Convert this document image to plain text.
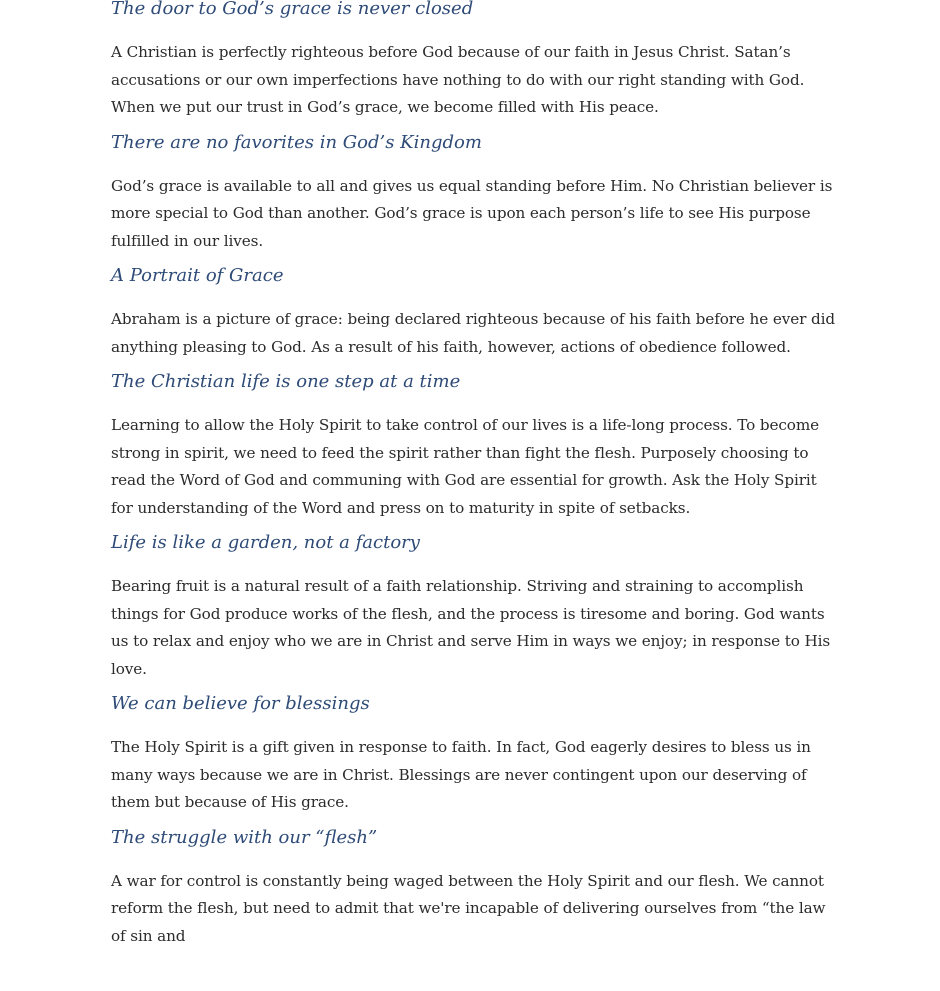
The door to God’s grace is never closed

A Christian is perfectly righteous before God because of our faith in Jesus Christ. Satan’s accusations or our own imperfections have nothing to do with our right standing with God. When we put our trust in God’s grace, we become filled with His peace.

There are no favorites in God’s Kingdom

God’s grace is available to all and gives us equal standing before Him. No Christian believer is more special to God than another. God’s grace is upon each person’s life to see His purpose fulfilled in our lives.

A Portrait of Grace

Abraham is a picture of grace: being declared righteous because of his faith before he ever did anything pleasing to God. As a result of his faith, however, actions of obedience followed.

The Christian life is one step at a time

Learning to allow the Holy Spirit to take control of our lives is a life-long process. To become strong in spirit, we need to feed the spirit rather than fight the flesh. Purposely choosing to read the Word of God and communing with God are essential for growth. Ask the Holy Spirit for understanding of the Word and press on to maturity in spite of setbacks.

Life is like a garden, not a factory

Bearing fruit is a natural result of a faith relationship. Striving and straining to accomplish things for God produce works of the flesh, and the process is tiresome and boring. God wants us to relax and enjoy who we are in Christ and serve Him in ways we enjoy; in response to His love.

We can believe for blessings

The Holy Spirit is a gift given in response to faith. In fact, God eagerly desires to bless us in many ways because we are in Christ. Blessings are never contingent upon our deserving of them but because of His grace.

The struggle with our “flesh”

A war for control is constantly being waged between the Holy Spirit and our flesh. We cannot reform the flesh, but need to admit that we're incapable of delivering ourselves from “the law of sin and
